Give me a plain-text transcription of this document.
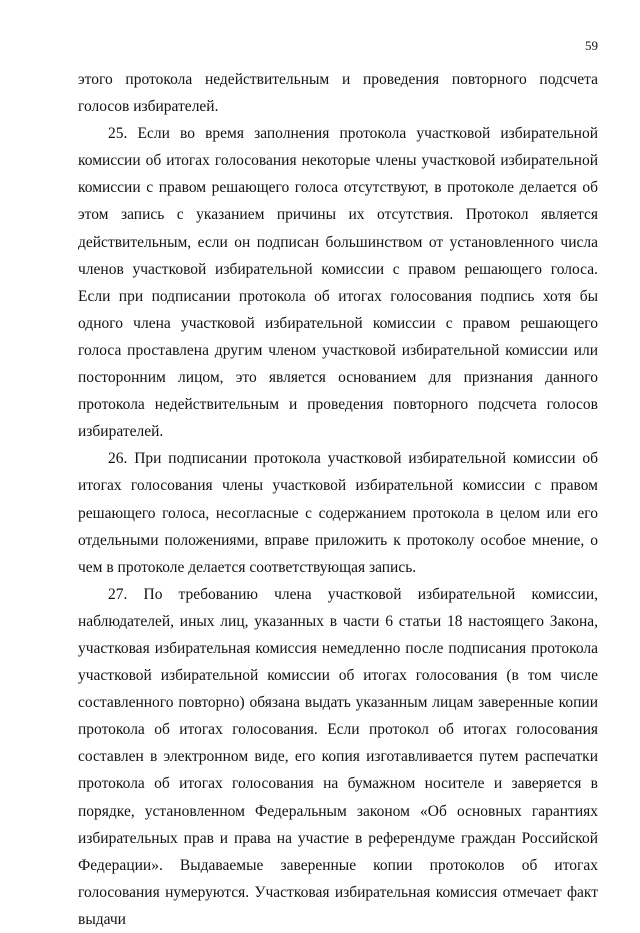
59

этого протокола недействительным и проведения повторного подсчета голосов избирателей.

25. Если во время заполнения протокола участковой избирательной комиссии об итогах голосования некоторые члены участковой избирательной комиссии с правом решающего голоса отсутствуют, в протоколе делается об этом запись с указанием причины их отсутствия. Протокол является действительным, если он подписан большинством от установленного числа членов участковой избирательной комиссии с правом решающего голоса. Если при подписании протокола об итогах голосования подпись хотя бы одного члена участковой избирательной комиссии с правом решающего голоса проставлена другим членом участковой избирательной комиссии или посторонним лицом, это является основанием для признания данного протокола недействительным и проведения повторного подсчета голосов избирателей.

26. При подписании протокола участковой избирательной комиссии об итогах голосования члены участковой избирательной комиссии с правом решающего голоса, несогласные с содержанием протокола в целом или его отдельными положениями, вправе приложить к протоколу особое мнение, о чем в протоколе делается соответствующая запись.

27. По требованию члена участковой избирательной комиссии, наблюдателей, иных лиц, указанных в части 6 статьи 18 настоящего Закона, участковая избирательная комиссия немедленно после подписания протокола участковой избирательной комиссии об итогах голосования (в том числе составленного повторно) обязана выдать указанным лицам заверенные копии протокола об итогах голосования. Если протокол об итогах голосования составлен в электронном виде, его копия изготавливается путем распечатки протокола об итогах голосования на бумажном носителе и заверяется в порядке, установленном Федеральным законом «Об основных гарантиях избирательных прав и права на участие в референдуме граждан Российской Федерации». Выдаваемые заверенные копии протоколов об итогах голосования нумеруются. Участковая избирательная комиссия отмечает факт выдачи
